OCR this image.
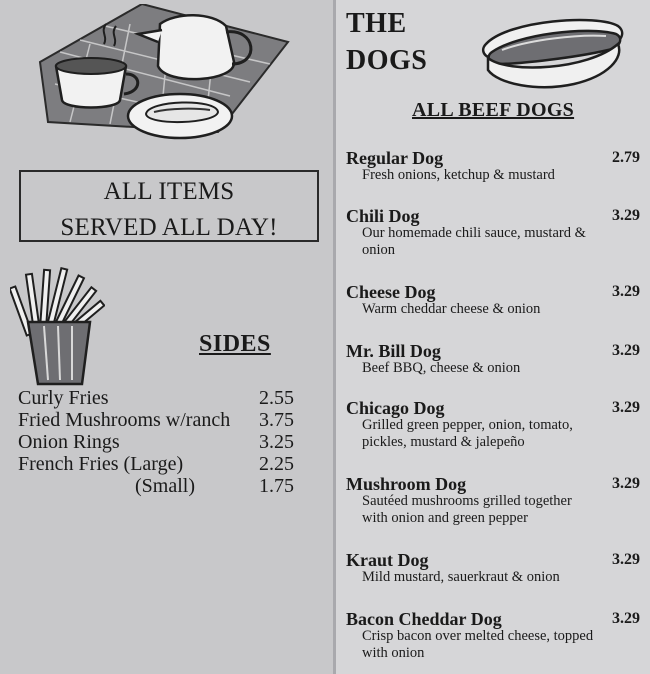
ALL ITEMS
SERVED ALL DAY!
SIDES
Curly Fries	2.55
Fried Mushrooms w/ranch 3.75
Onion Rings	3.25
French Fries (Large)	2.25
(Small)	1.75
THE
DOGS
ALL BEEF DOGS
Regular Dog	2.79
Fresh onions, ketchup & mustard
Chili Dog	3.29
Our homemade chili sauce, mustard & onion
Cheese Dog	3.29
Warm cheddar cheese & onion
Mr. Bill Dog	3.29
Beef BBQ, cheese & onion
Chicago Dog	3.29
Grilled green pepper, onion, tomato, pickles, mustard & jalepeño
Mushroom Dog	3.29
Sautéed mushrooms grilled together with onion and green pepper
Kraut Dog	3.29
Mild mustard, sauerkraut & onion
Bacon Cheddar Dog	3.29
Crisp bacon over melted cheese, topped with onion
